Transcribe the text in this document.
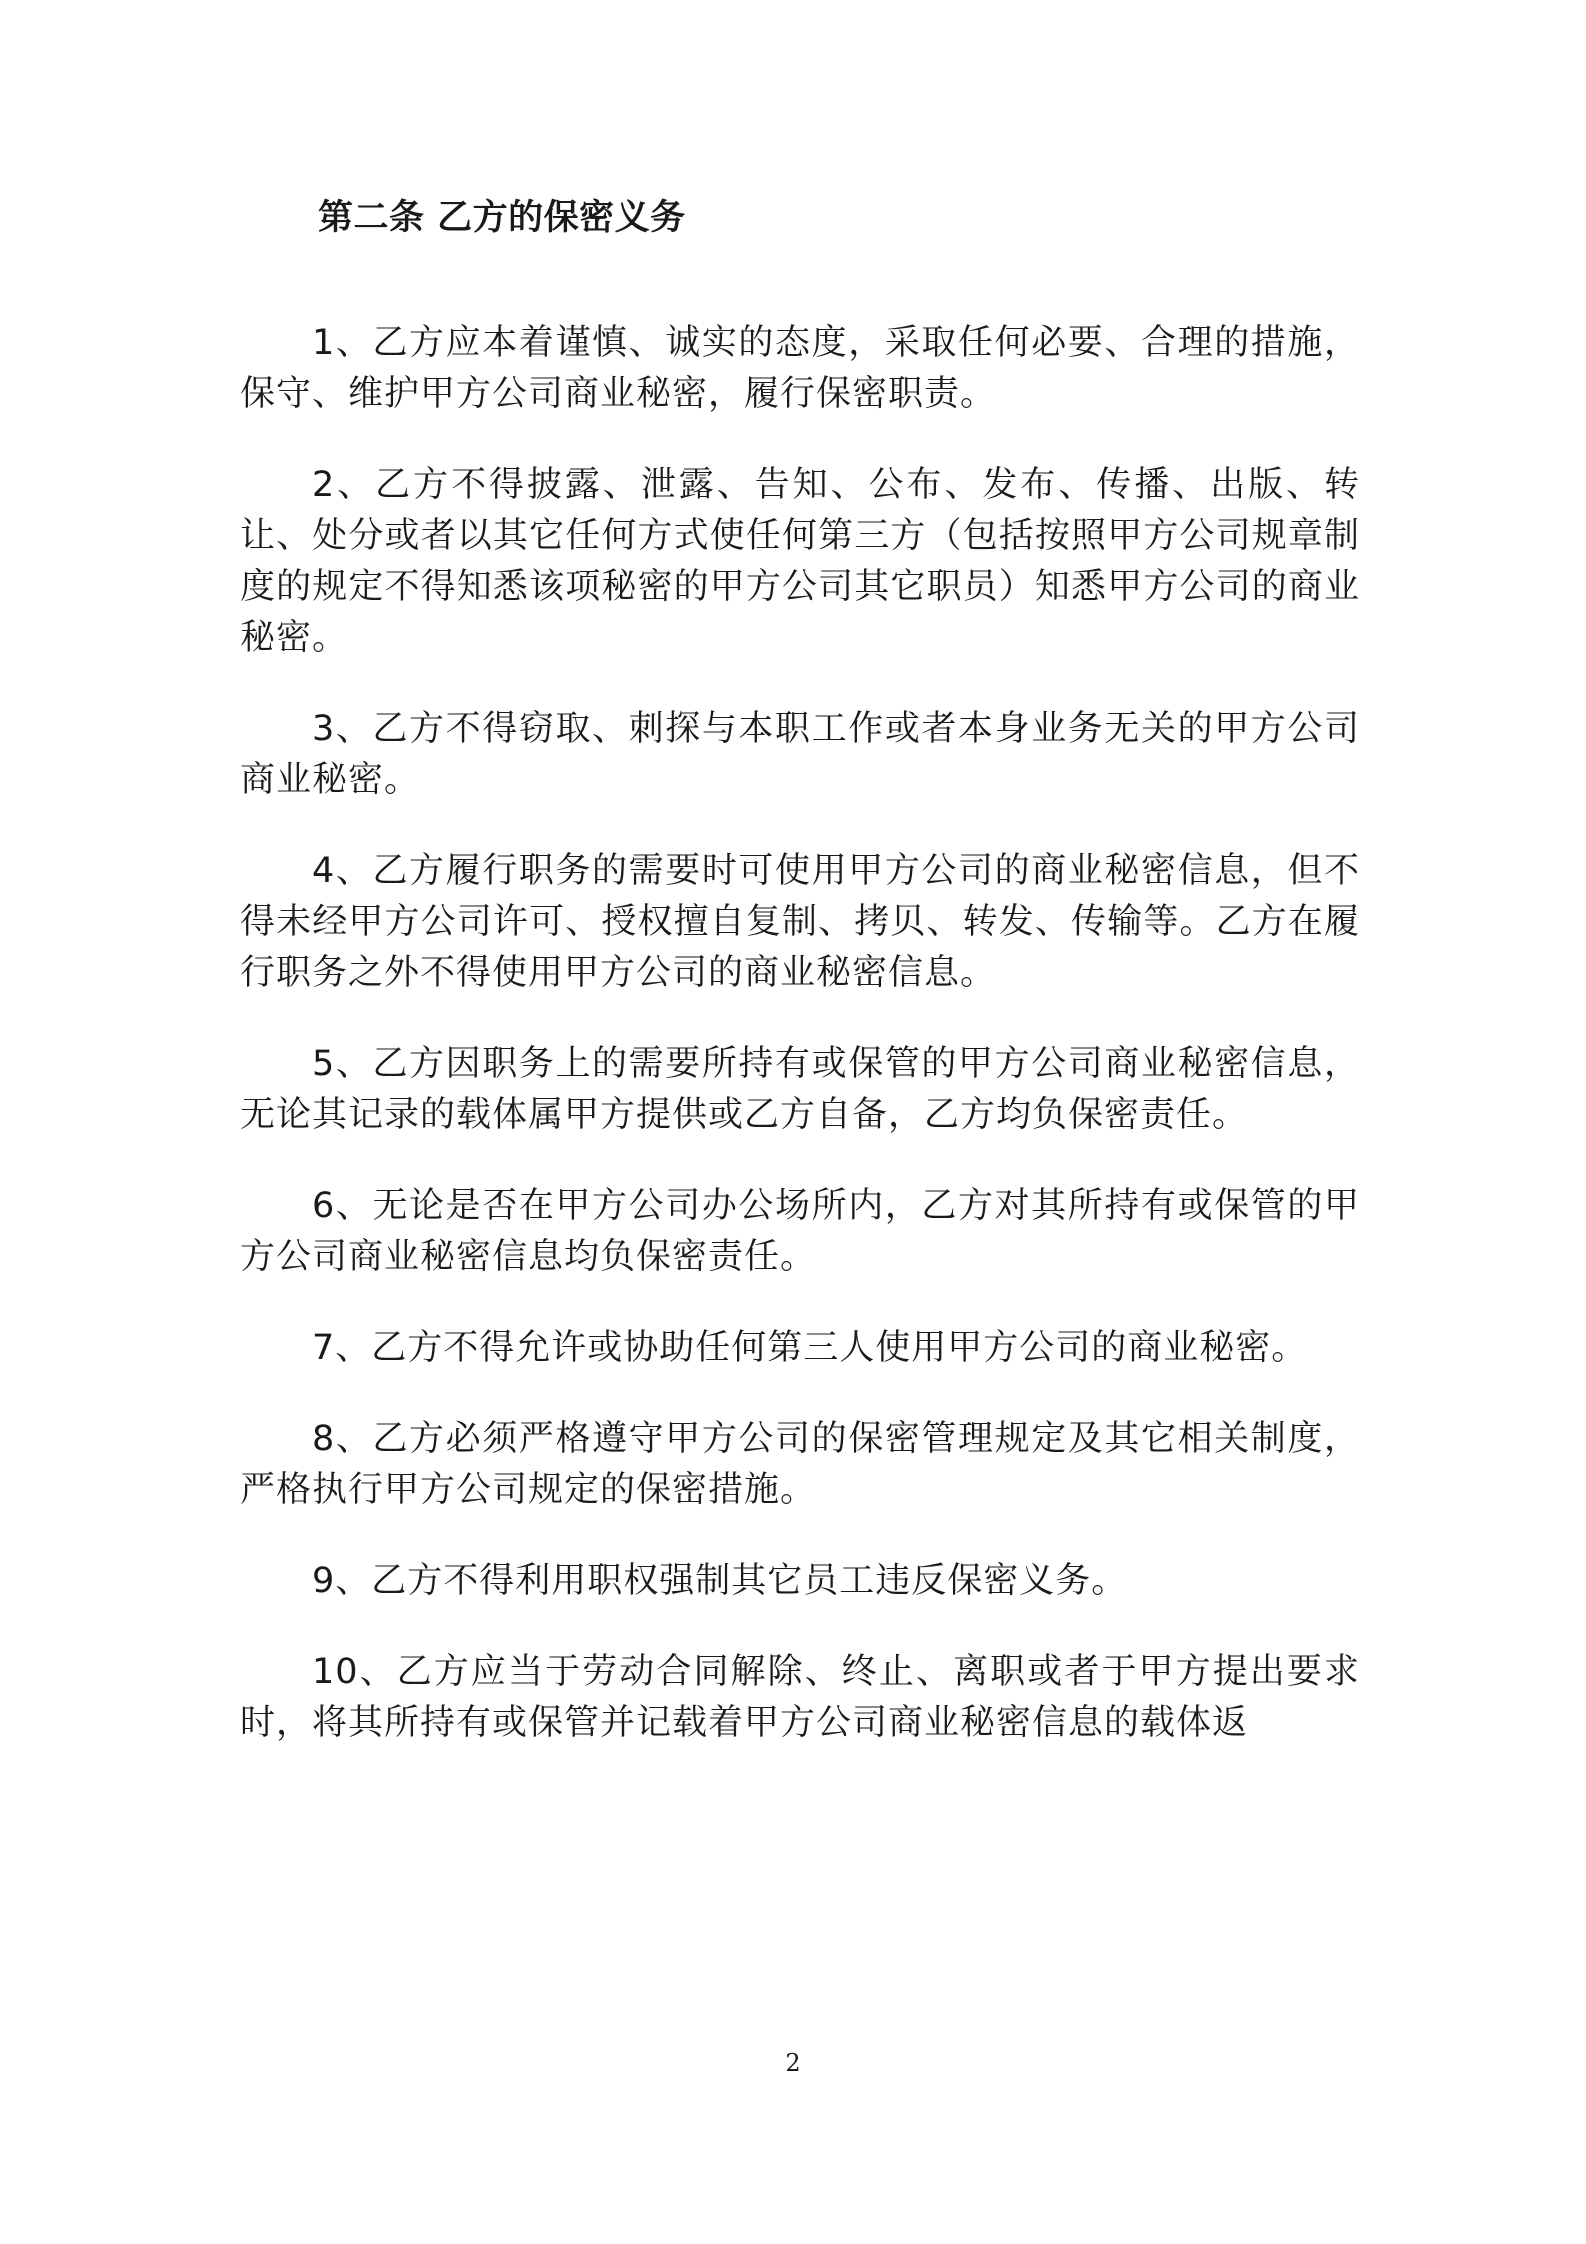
第二条 乙方的保密义务

1、乙方应本着谨慎、诚实的态度，采取任何必要、合理的措施，保守、维护甲方公司商业秘密，履行保密职责。

2、乙方不得披露、泄露、告知、公布、发布、传播、出版、转让、处分或者以其它任何方式使任何第三方（包括按照甲方公司规章制度的规定不得知悉该项秘密的甲方公司其它职员）知悉甲方公司的商业秘密。

3、乙方不得窃取、刺探与本职工作或者本身业务无关的甲方公司商业秘密。

4、乙方履行职务的需要时可使用甲方公司的商业秘密信息，但不得未经甲方公司许可、授权擅自复制、拷贝、转发、传输等。乙方在履行职务之外不得使用甲方公司的商业秘密信息。

5、乙方因职务上的需要所持有或保管的甲方公司商业秘密信息，无论其记录的载体属甲方提供或乙方自备，乙方均负保密责任。

6、无论是否在甲方公司办公场所内，乙方对其所持有或保管的甲方公司商业秘密信息均负保密责任。

7、乙方不得允许或协助任何第三人使用甲方公司的商业秘密。

8、乙方必须严格遵守甲方公司的保密管理规定及其它相关制度，严格执行甲方公司规定的保密措施。

9、乙方不得利用职权强制其它员工违反保密义务。

10、乙方应当于劳动合同解除、终止、离职或者于甲方提出要求时，将其所持有或保管并记载着甲方公司商业秘密信息的载体返

2
